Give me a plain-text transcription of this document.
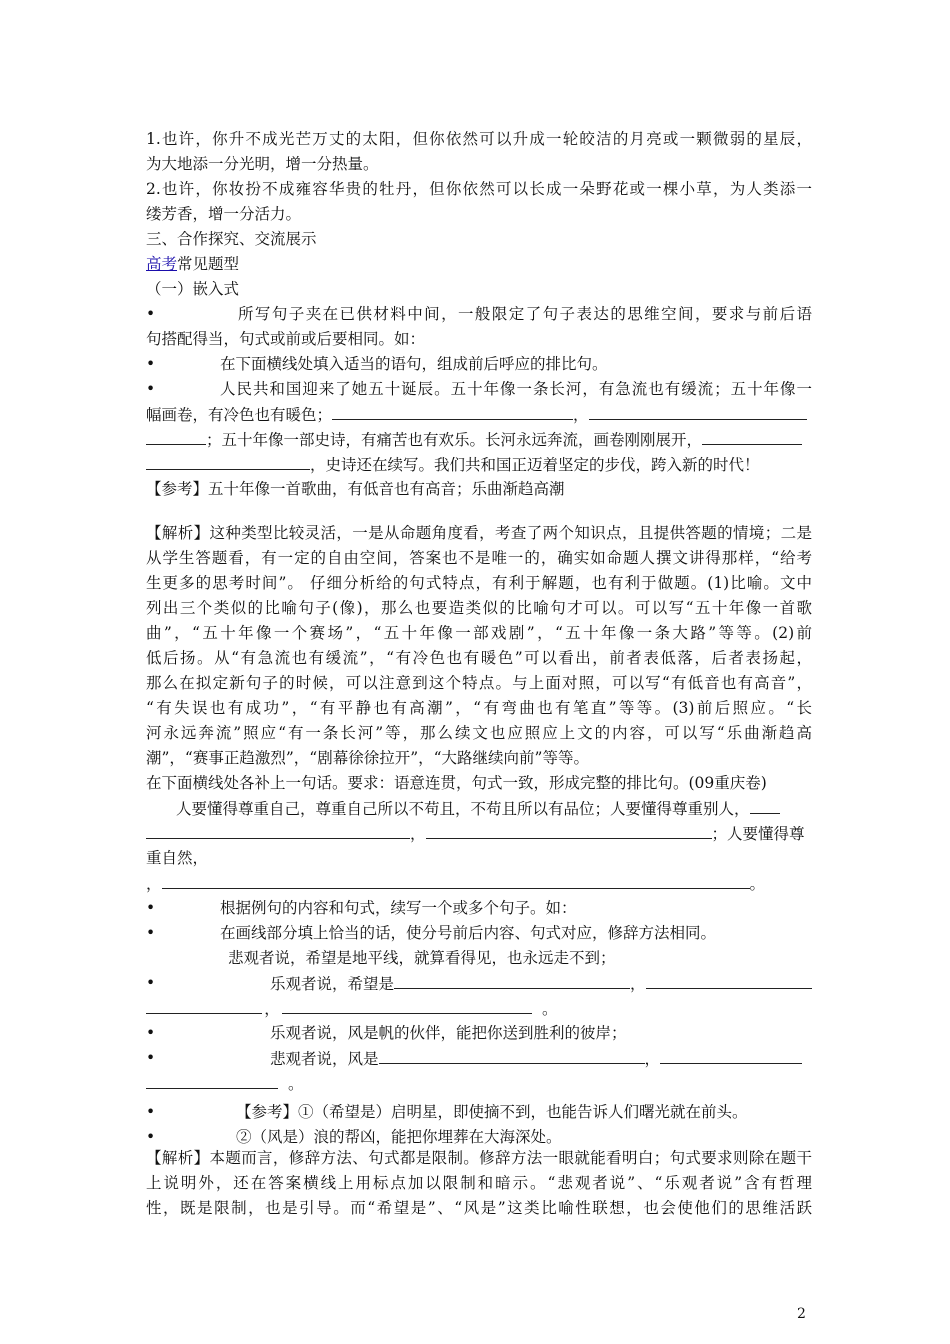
1.也许，你升不成光芒万丈的太阳，但你依然可以升成一轮皎洁的月亮或一颗微弱的星辰，
为大地添一分光明，增一分热量。
2.也许，你妆扮不成雍容华贵的牡丹，但你依然可以长成一朵野花或一棵小草，为人类添一
缕芳香，增一分活力。
三、合作探究、交流展示
高考常见题型
（一）嵌入式
•	所写句子夹在已供材料中间，一般限定了句子表达的思维空间，要求与前后语
句搭配得当，句式或前或后要相同。如：
•	在下面横线处填入适当的语句，组成前后呼应的排比句。
•	人民共和国迎来了她五十诞辰。五十年像一条长河，有急流也有缓流；五十年像一
幅画卷，有冷色也有暖色；	，
；五十年像一部史诗，有痛苦也有欢乐。长河永远奔流，画卷刚刚展开，
，史诗还在续写。我们共和国正迈着坚定的步伐，跨入新的时代！
【参考】五十年像一首歌曲，有低音也有高音；乐曲渐趋高潮
【解析】这种类型比较灵活，一是从命题角度看，考查了两个知识点，且提供答题的情境；二是
从学生答题看，有一定的自由空间，答案也不是唯一的，确实如命题人撰文讲得那样，“给考
生更多的思考时间”。 仔细分析给的句式特点，有利于解题，也有利于做题。(1)比喻。文中
列出三个类似的比喻句子(像)，那么也要造类似的比喻句才可以。可以写“五十年像一首歌
曲”，“五十年像一个赛场”，“五十年像一部戏剧”，“五十年像一条大路”等等。(2)前
低后扬。从“有急流也有缓流”，“有冷色也有暖色”可以看出，前者表低落，后者表扬起，
那么在拟定新句子的时候，可以注意到这个特点。与上面对照，可以写“有低音也有高音”，
“有失误也有成功”，“有平静也有高潮”，“有弯曲也有笔直”等等。(3)前后照应。“长
河永远奔流”照应“有一条长河”等，那么续文也应照应上文的内容，可以写“乐曲渐趋高
潮”，“赛事正趋激烈”，“剧幕徐徐拉开”，“大路继续向前”等等。
在下面横线处各补上一句话。要求：语意连贯，句式一致，形成完整的排比句。(09重庆卷)
人要懂得尊重自己，尊重自己所以不苟且，不苟且所以有品位；人要懂得尊重别人，
，	；人要懂得尊
重自然，
，	。
•	根据例句的内容和句式，续写一个或多个句子。如：
•	在画线部分填上恰当的话，使分号前后内容、句式对应，修辞方法相同。
悲观者说，希望是地平线，就算看得见，也永远走不到；
•	乐观者说，希望是	，
，	。
•	乐观者说，风是帆的伙伴，能把你送到胜利的彼岸；
•	悲观者说，风是	，
。
•	【参考】①（希望是）启明星，即使摘不到，也能告诉人们曙光就在前头。
•	②（风是）浪的帮凶，能把你埋葬在大海深处。
【解析】本题而言，修辞方法、句式都是限制。修辞方法一眼就能看明白；句式要求则除在题干
上说明外，还在答案横线上用标点加以限制和暗示。“悲观者说”、“乐观者说”含有哲理
性，既是限制，也是引导。而“希望是”、“风是”这类比喻性联想，也会使他们的思维活跃
2
